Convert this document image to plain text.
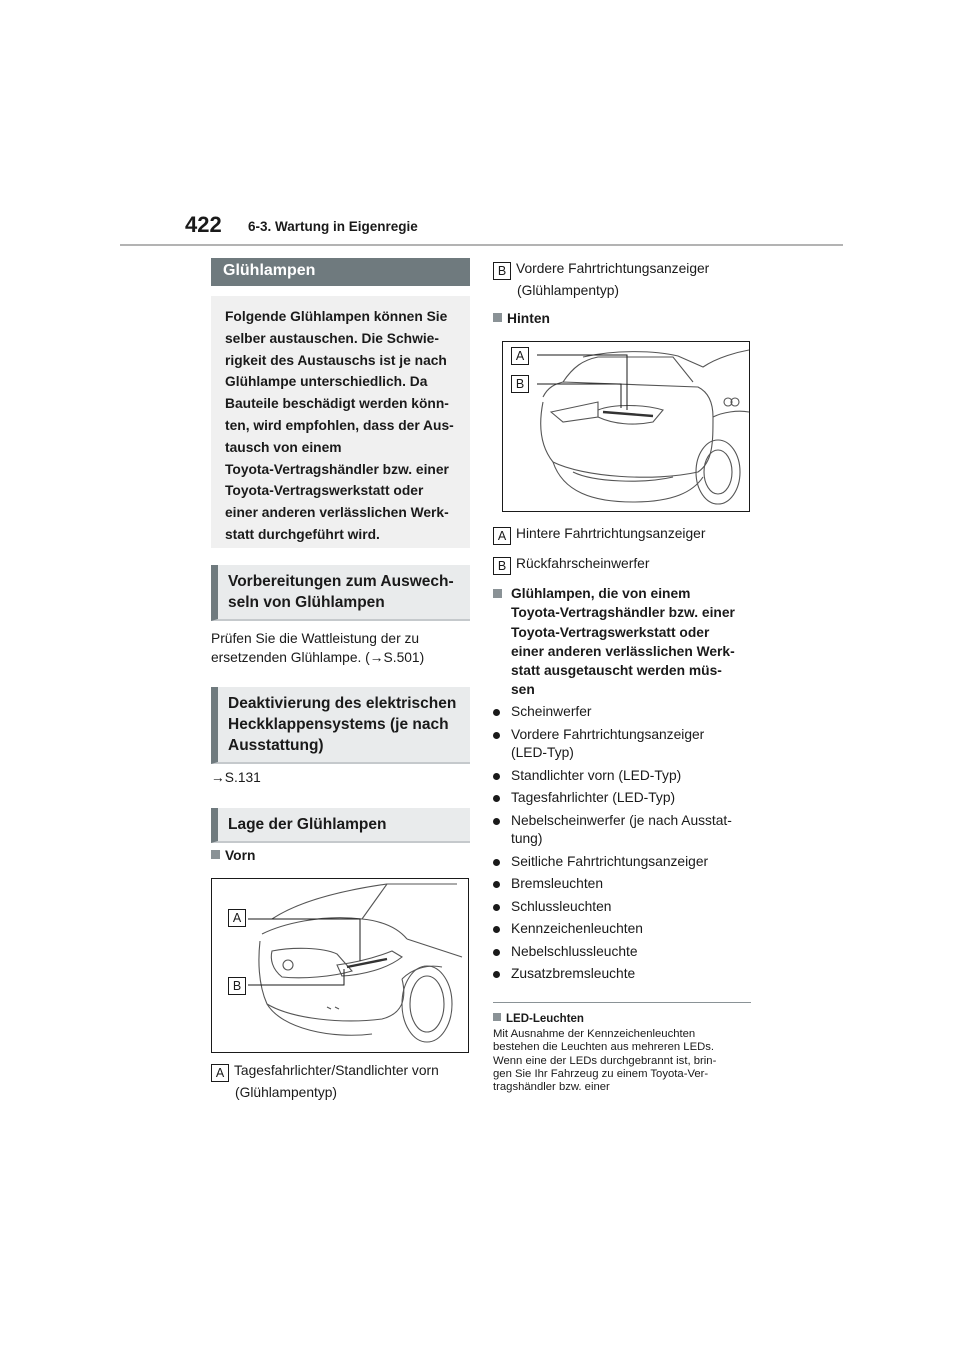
422 6-3. Wartung in Eigenregie
Glühlampen
Folgende Glühlampen können Sie
selber austauschen. Die Schwie-
rigkeit des Austauschs ist je nach
Glühlampe unterschiedlich. Da
Bauteile beschädigt werden könn-
ten, wird empfohlen, dass der Aus-
tausch von einem
Toyota-Vertragshändler bzw. einer
Toyota-Vertragswerkstatt oder
einer anderen verlässlichen Werk-
statt durchgeführt wird.
Vorbereitungen zum Auswech-
seln von Glühlampen
Prüfen Sie die Wattleistung der zu
ersetzenden Glühlampe. (→S.501)
Deaktivierung des elektrischen
Heckklappensystems (je nach
Ausstattung)
→S.131
Lage der Glühlampen
Vorn
A
B
A Tagesfahrlichter/Standlichter vorn
(Glühlampentyp)
B Vordere Fahrtrichtungsanzeiger
(Glühlampentyp)
Hinten
A
B
A Hintere Fahrtrichtungsanzeiger
B Rückfahrscheinwerfer
Glühlampen, die von einem
Toyota-Vertragshändler bzw. einer
Toyota-Vertragswerkstatt oder
einer anderen verlässlichen Werk-
statt ausgetauscht werden müs-
sen
Scheinwerfer
Vordere Fahrtrichtungsanzeiger
(LED-Typ)
Standlichter vorn (LED-Typ)
Tagesfahrlichter (LED-Typ)
Nebelscheinwerfer (je nach Ausstat-
tung)
Seitliche Fahrtrichtungsanzeiger
Bremsleuchten
Schlussleuchten
Kennzeichenleuchten
Nebelschlussleuchte
Zusatzbremsleuchte
LED-Leuchten
Mit Ausnahme der Kennzeichenleuchten
bestehen die Leuchten aus mehreren LEDs.
Wenn eine der LEDs durchgebrannt ist, brin-
gen Sie Ihr Fahrzeug zu einem Toyota-Ver-
tragshändler bzw. einer
